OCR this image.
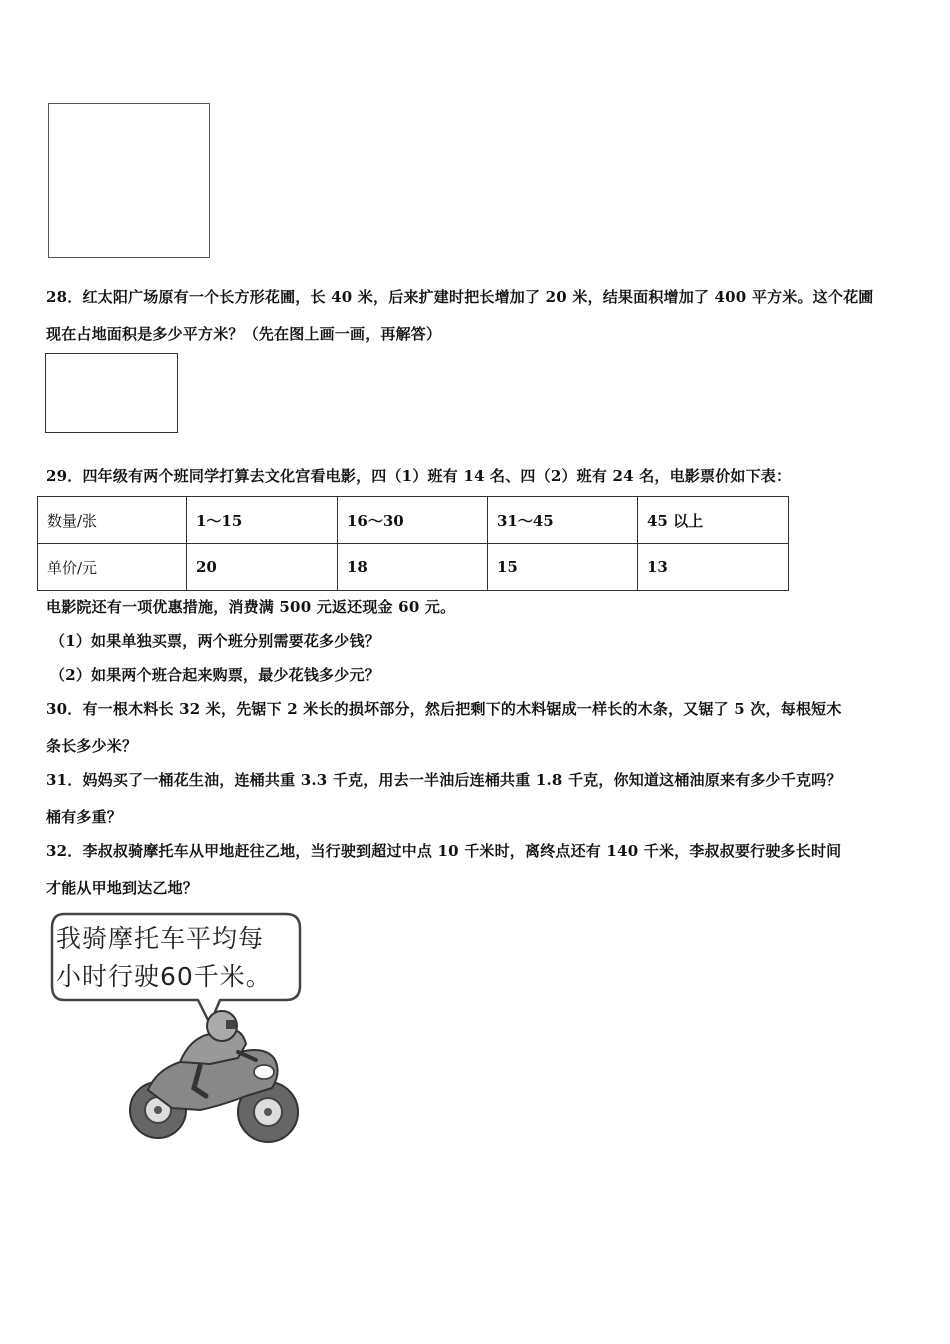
28．红太阳广场原有一个长方形花圃，长 40 米，后来扩建时把长增加了 20 米，结果面积增加了 400 平方米。这个花圃
现在占地面积是多少平方米？（先在图上画一画，再解答）
29．四年级有两个班同学打算去文化宫看电影，四（1）班有 14 名、四（2）班有 24 名，电影票价如下表：
数量/张	1～15	16～30	31～45	45 以上
单价/元	20	18	15	13
电影院还有一项优惠措施，消费满 500 元返还现金 60 元。
（1）如果单独买票，两个班分别需要花多少钱？
（2）如果两个班合起来购票，最少花钱多少元？
30．有一根木料长 32 米，先锯下 2 米长的损坏部分，然后把剩下的木料锯成一样长的木条，又锯了 5 次，每根短木
条长多少米？
31．妈妈买了一桶花生油，连桶共重 3.3 千克，用去一半油后连桶共重 1.8 千克，你知道这桶油原来有多少千克吗？
桶有多重？
32．李叔叔骑摩托车从甲地赶往乙地，当行驶到超过中点 10 千米时，离终点还有 140 千米，李叔叔要行驶多长时间
才能从甲地到达乙地？
我骑摩托车平均每
小时行驶60千米。
